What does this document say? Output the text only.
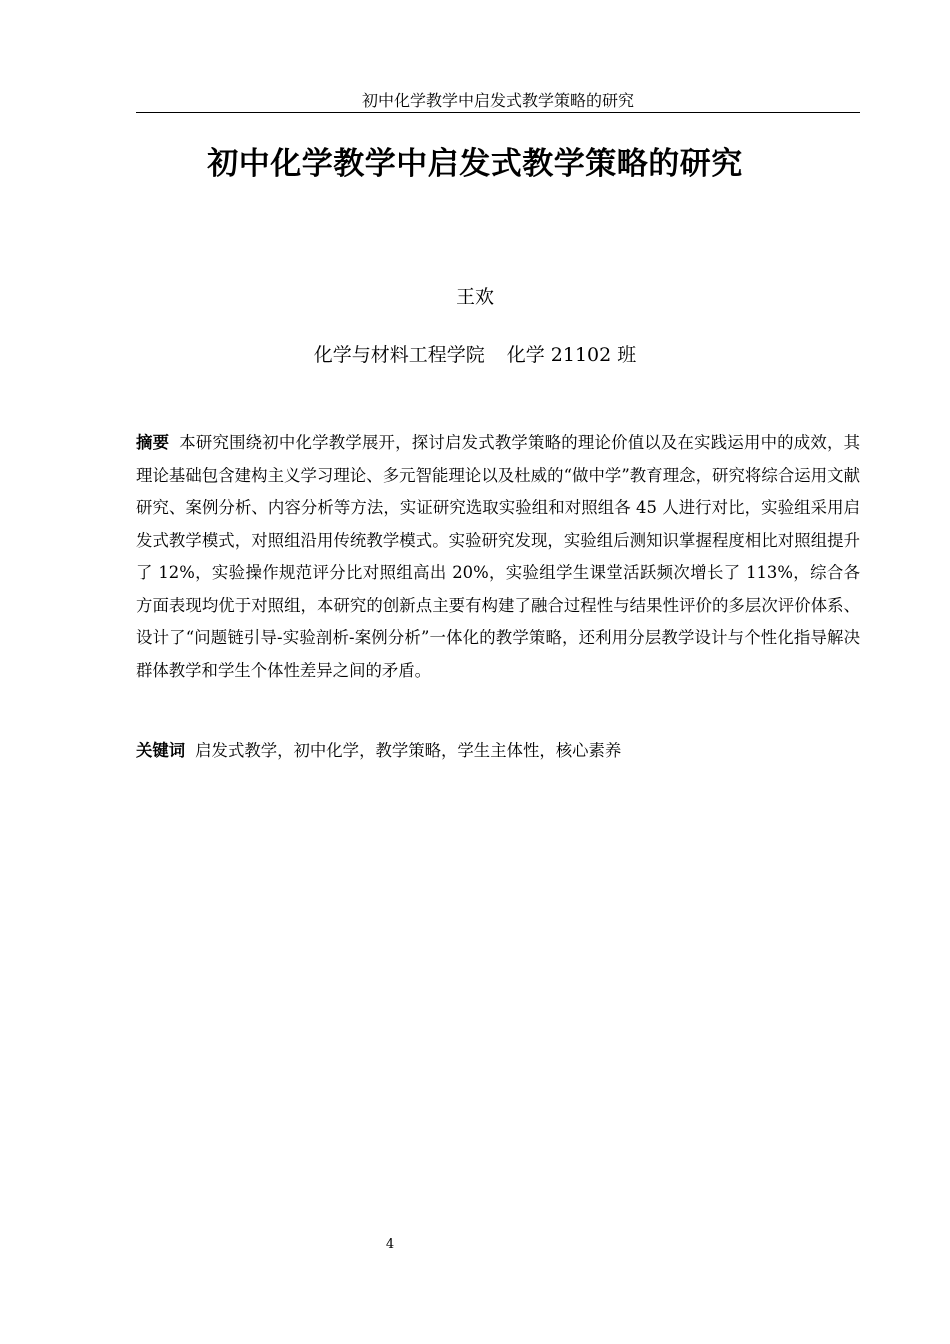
初中化学教学中启发式教学策略的研究
初中化学教学中启发式教学策略的研究
王欢
化学与材料工程学院 化学 21102 班

摘要 本研究围绕初中化学教学展开，探讨启发式教学策略的理论价值以及在实践运用中的成效，其理论基础包含建构主义学习理论、多元智能理论以及杜威的“做中学”教育理念，研究将综合运用文献研究、案例分析、内容分析等方法，实证研究选取实验组和对照组各 45 人进行对比，实验组采用启发式教学模式，对照组沿用传统教学模式。实验研究发现，实验组后测知识掌握程度相比对照组提升了 12%，实验操作规范评分比对照组高出 20%，实验组学生课堂活跃频次增长了 113%，综合各方面表现均优于对照组，本研究的创新点主要有构建了融合过程性与结果性评价的多层次评价体系、设计了“问题链引导-实验剖析-案例分析”一体化的教学策略，还利用分层教学设计与个性化指导解决群体教学和学生个体性差异之间的矛盾。

关键词 启发式教学，初中化学，教学策略，学生主体性，核心素养

4
